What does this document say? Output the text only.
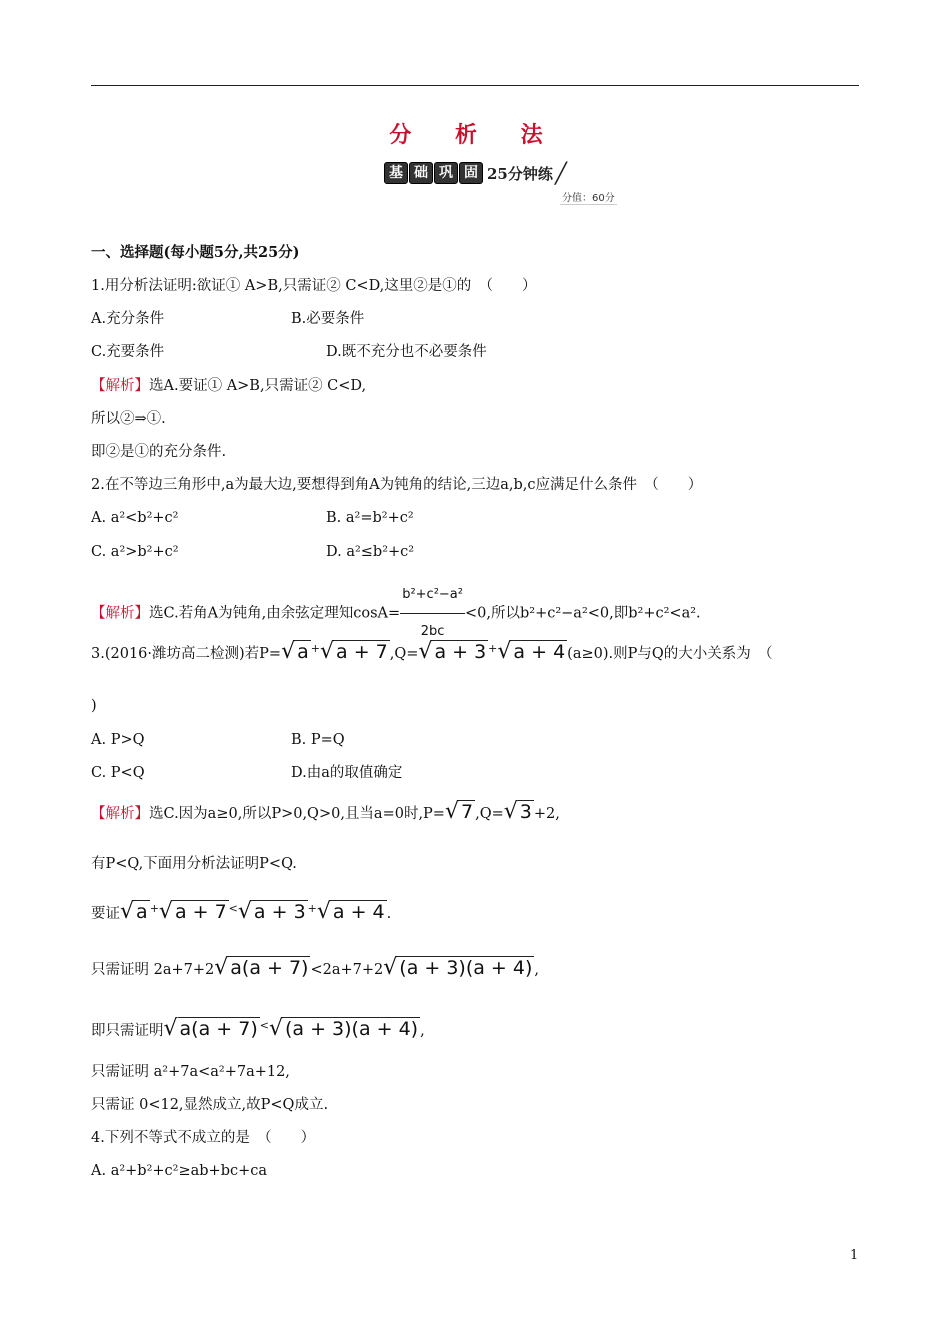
分 析 法
基 础 巩 固 25分钟练 ╱
分值：60分
一、选择题(每小题5分,共25分)
1.用分析法证明:欲证① A>B,只需证② C<D,这里②是①的　（　　）
A.充分条件	B.必要条件
C.充要条件	D.既不充分也不必要条件
【解析】选A.要证① A>B,只需证② C<D,
所以②⇒①.
即②是①的充分条件.
2.在不等边三角形中,a为最大边,要想得到角A为钝角的结论,三边a,b,c应满足什么条件　（　　）
A. a²<b²+c²	B. a²=b²+c²
C. a²>b²+c²	D. a²≤b²+c²
【解析】选C.若角A为钝角,由余弦定理知$\cos A= \frac{\text{b²+c²−a²}}{2bc} <0$,所以b²+c²−a²<0,即b²+c²<a².
3.(2016·潍坊高二检测)若P=√ a +√ a + 7 ,Q=√ a + 3 +√ a + 4 (a≥0).则P与Q的大小关系为　（
)
A. P>Q	B. P=Q
C. P<Q	D.由a的取值确定
【解析】选C.因为a≥0,所以P>0,Q>0,且当a=0时,P=√ 7 ,Q=√ 3 +2,
有P<Q,下面用分析法证明P<Q.
要证√ a +√ a + 7 <√ a + 3 +√ a + 4 .
只需证明 2a+7+2√ a(a + 7) <2a+7+2√ (a + 3)(a + 4) ,
即只需证明√ a(a + 7) <√ (a + 3)(a + 4) ,
只需证明 a²+7a<a²+7a+12,
只需证 0<12,显然成立,故P<Q成立.
4.下列不等式不成立的是　（　　）
A. a²+b²+c²≥ab+bc+ca
1
